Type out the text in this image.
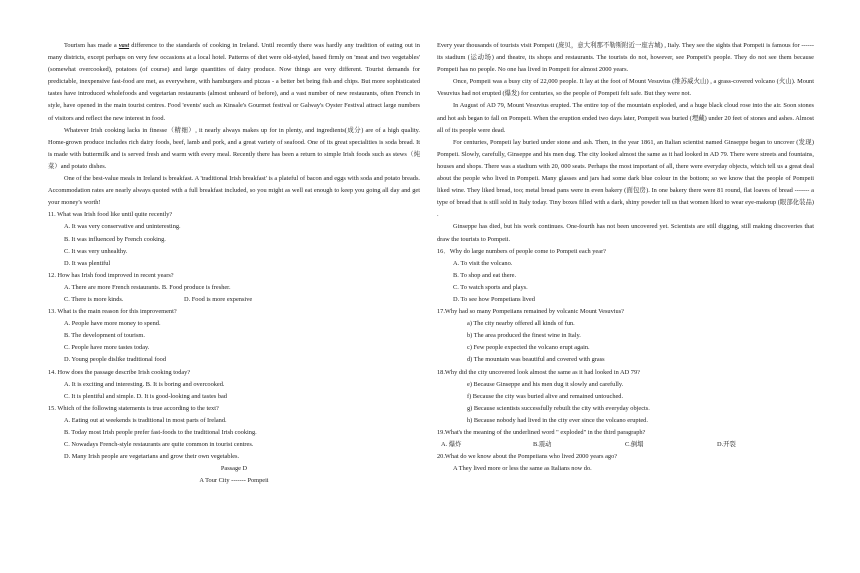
Tourism has made a vast difference to the standards of cooking in Ireland. Until recently there was hardly any tradition of eating out in many districts, except perhaps on very few occasions at a local hotel. Patterns of diet were old-styled, based firmly on 'meat and two vegetables' (somewhat overcooked), potatoes (of course) and large quantities of dairy produce. Now things are very different. Tourist demands for predictable, inexpensive fast-food are met, as everywhere, with hamburgers and pizzas - a better bet being fish and chips. But more sophisticated tastes have introduced wholefoods and vegetarian restaurants (almost unheard of before), and a vast number of new restaurants, often French in style, have opened in the main tourist centres. Food 'events' such as Kinsale's Gourmet festival or Galway's Oyster Festival attract large numbers of visitors and reflect the new interest in food.

Whatever Irish cooking lacks in finesse（精细）, it nearly always makes up for in plenty, and ingredients(成分) are of a high quality. Home-grown produce includes rich dairy foods, beef, lamb and pork, and a great variety of seafood. One of its great specialities is soda bread. It is made with buttermilk and is served fresh and warm with every meal. Recently there has been a return to simple Irish foods such as stews（炖菜）and potato dishes.

One of the best-value meals in Ireland is breakfast. A 'traditional Irish breakfast' is a plateful of bacon and eggs with soda and potato breads. Accommodation rates are nearly always quoted with a full breakfast included, so you might as well eat enough to keep you going all day and get your money's worth!

11. What was Irish food like until quite recently?

A. It was very conservative and uninteresting.

B. It was influenced by French cooking.

C. It was very unhealthy.

D. It was plentiful

12. How has Irish food improved in recent years?

A. There are more French restaurants. B. Food produce is fresher.

C. There is more kinds.	D. Food is more expensive

13. What is the main reason for this improvement?

A. People have more money to spend.

B. The development of tourism.

C. People have more tastes today.

D. Young people dislike traditional food

14. How does the passage describe Irish cooking today?

A. It is exciting and interesting. B. It is boring and overcooked.

C. It is plentiful and simple. D. It is good-looking and tastes bad

15. Which of the following statements is true according to the text?

A. Eating out at weekends is traditional in most parts of Ireland.

B. Today most Irish people prefer fast-foods to the traditional Irish cooking.

C. Nowadays French-style restaurants are quite common in tourist centres.

D. Many Irish people are vegetarians and grow their own vegetables.

Passage D

A Tour City ------- Pompeii

Every year thousands of tourists visit Pompeii (庞贝，意大利那不勒斯附近一座古城) , Italy. They see the sights that Pompeii is famous for ------ its stadium (运动场) and theatre, its shops and restaurants. The tourists do not, however, see Pompeii's people. They do not see them because Pompeii has no people. No one has lived in Pompeii for almost 2000 years.

Once, Pompeii was a busy city of 22,000 people. It lay at the foot of Mount Vesuvius (维苏威火山) , a grass-covered volcano (火山). Mount Vesuvius had not erupted (爆发) for centuries, so the people of Pompeii felt safe. But they were not.

In August of AD 79, Mount Vesuvius erupted. The entire top of the mountain exploded, and a huge black cloud rose into the air. Soon stones and hot ash began to fall on Pompeii. When the eruption ended two days later, Pompeii was buried (埋藏) under 20 feet of stones and ashes. Almost all of its people were dead.

For centuries, Pompeii lay buried under stone and ash. Then, in the year 1861, an Italian scientist named Ginseppe began to uncover (发现) Pompeii. Slowly, carefully, Ginseppe and his men dug. The city looked almost the same as it had looked in AD 79. There were streets and fountains, houses and shops. There was a stadium with 20, 000 seats. Perhaps the most important of all, there were everyday objects, which tell us a great deal about the people who lived in Pompeii. Many glasses and jars had some dark blue colour in the bottom; so we know that the people of Pompeii liked wine. They liked bread, too; metal bread pans were in even bakery (面包房). In one bakery there were 81 round, flat loaves of bread ------- a type of bread that is still sold in Italy today. Tiny boxes filled with a dark, shiny powder tell us that women liked to wear eye-makeup (眼部化装品) .

Ginseppe has died, but his work continues. One-fourth has not been uncovered yet. Scientists are still digging, still making discoveries that draw the tourists to Pompeii.

16．Why do large numbers of people come to Pompeii each year?

A. To visit the volcano.

B. To shop and eat there.

C. To watch sports and plays.

D. To see how Pompeiians lived

17.Why had so many Pompeiians remained by volcanic Mount Vesuvius?

a) The city nearby offered all kinds of fun.

b) The area produced the finest wine in Italy.

c) Few people expected the volcano erupt again.

d) The mountain was beautiful and covered with grass

18.Why did the city uncovered look almost the same as it had looked in AD 79?

e) Because Ginseppe and his men dug it slowly and carefully.

f) Because the city was buried alive and remained untouched.

g) Because scientists successfully rebuilt the city with everyday objects.

h) Because nobody had lived in the city ever since the volcano erupted.

19.What's the meaning of the underlined word " exploded" in the third paragraph?

A. 爆炸	B.震动	C.倒塌	D.开裂

20.What do we know about the Pompeiians who lived 2000 years ago?

A They lived more or less the same as Italians now do.
